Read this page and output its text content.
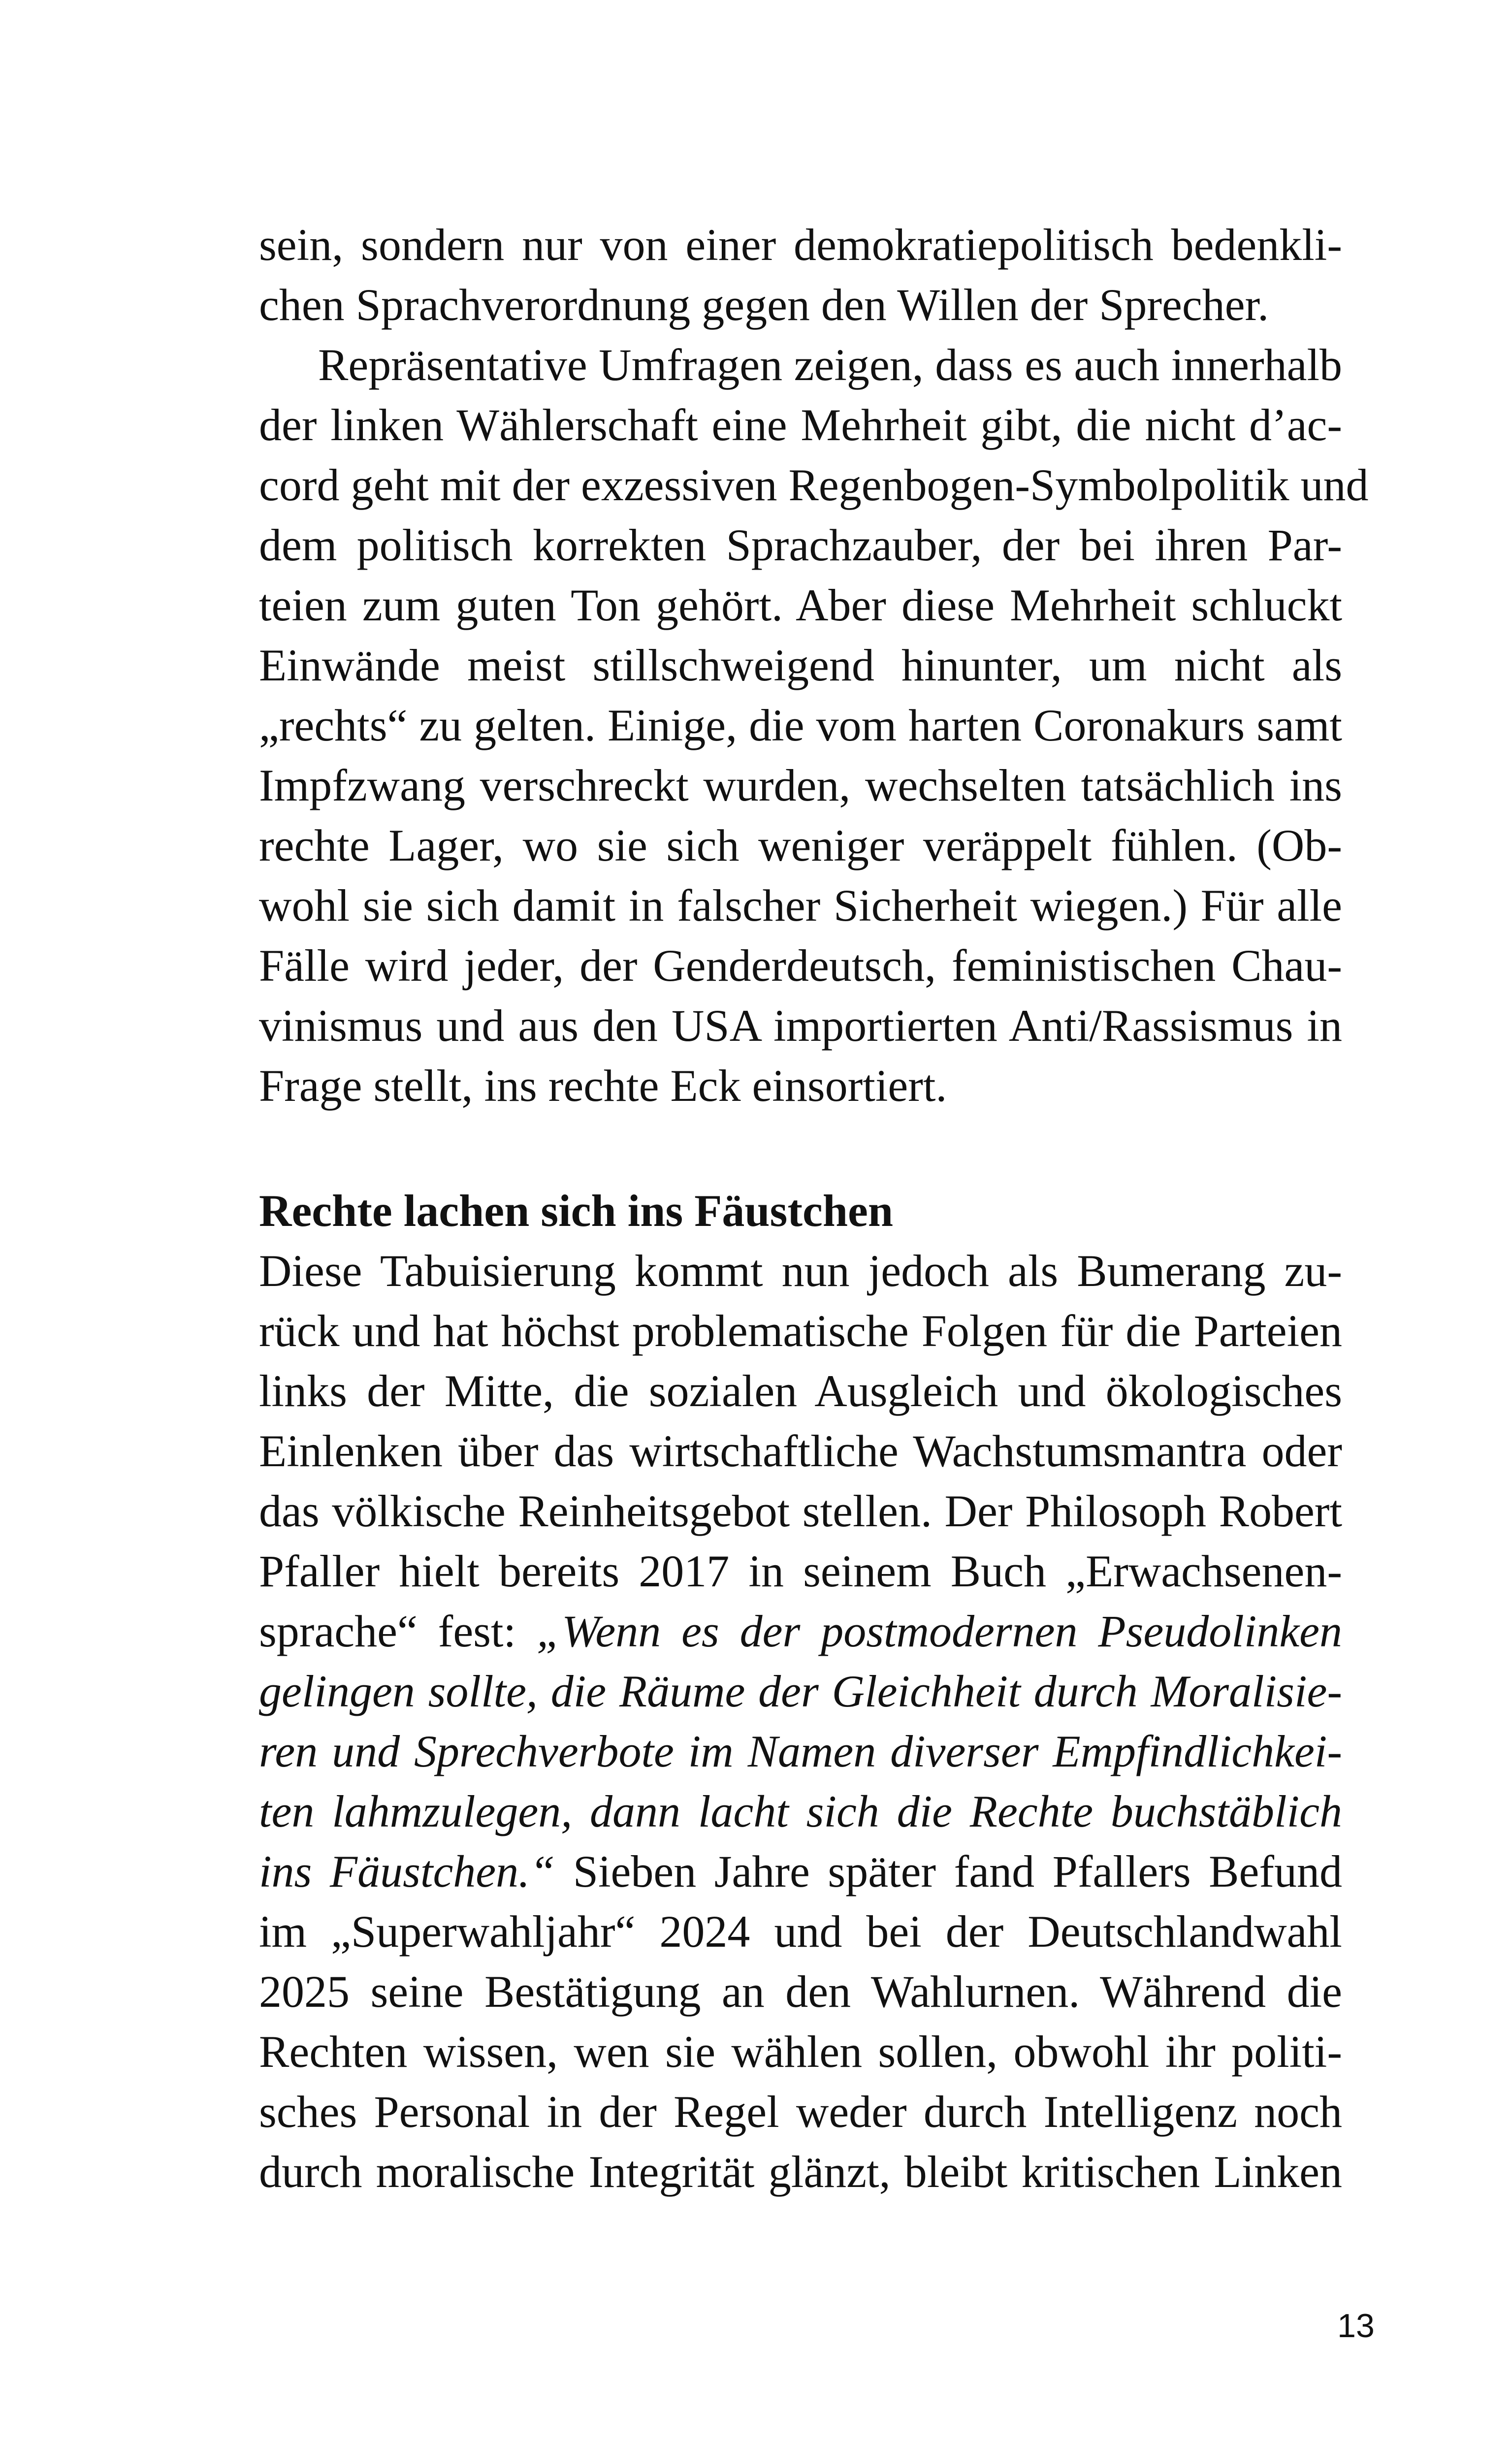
sein, sondern nur von einer demokratiepolitisch bedenkli-
chen Sprachverordnung gegen den Willen der Sprecher.
Repräsentative Umfragen zeigen, dass es auch innerhalb
der linken Wählerschaft eine Mehrheit gibt, die nicht d’ac-
cord geht mit der exzessiven Regenbogen-Symbolpolitik und
dem politisch korrekten Sprachzauber, der bei ihren Par-
teien zum guten Ton gehört. Aber diese Mehrheit schluckt
Einwände meist stillschweigend hinunter, um nicht als
„rechts“ zu gelten. Einige, die vom harten Coronakurs samt
Impfzwang verschreckt wurden, wechselten tatsächlich ins
rechte Lager, wo sie sich weniger veräppelt fühlen. (Ob-
wohl sie sich damit in falscher Sicherheit wiegen.) Für alle
Fälle wird jeder, der Genderdeutsch, feministischen Chau-
vinismus und aus den USA importierten Anti/Rassismus in
Frage stellt, ins rechte Eck einsortiert.
Rechte lachen sich ins Fäustchen
Diese Tabuisierung kommt nun jedoch als Bumerang zu-
rück und hat höchst problematische Folgen für die Parteien
links der Mitte, die sozialen Ausgleich und ökologisches
Einlenken über das wirtschaftliche Wachstumsmantra oder
das völkische Reinheitsgebot stellen. Der Philosoph Robert
Pfaller hielt bereits 2017 in seinem Buch „Erwachsenen-
sprache“ fest: „Wenn es der postmodernen Pseudolinken
gelingen sollte, die Räume der Gleichheit durch Moralisie-
ren und Sprechverbote im Namen diverser Empfindlichkei-
ten lahmzulegen, dann lacht sich die Rechte buchstäblich
ins Fäustchen.“ Sieben Jahre später fand Pfallers Befund
im „Superwahljahr“ 2024 und bei der Deutschlandwahl
2025 seine Bestätigung an den Wahlurnen. Während die
Rechten wissen, wen sie wählen sollen, obwohl ihr politi-
sches Personal in der Regel weder durch Intelligenz noch
durch moralische Integrität glänzt, bleibt kritischen Linken
13
